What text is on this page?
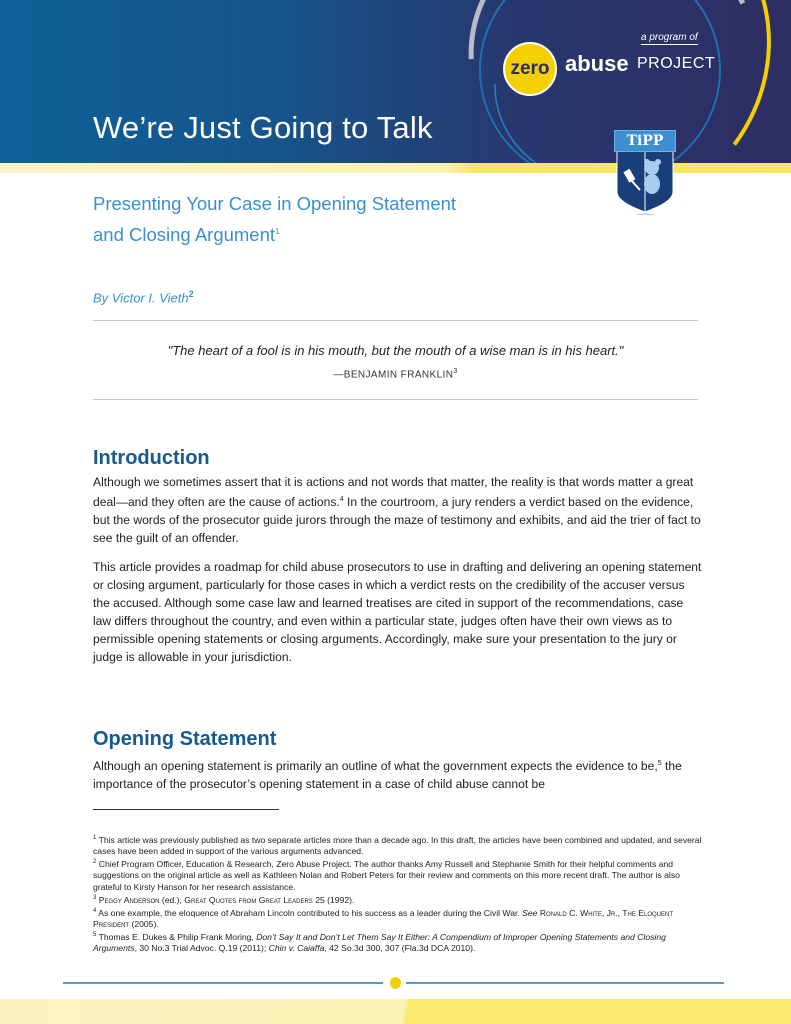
We’re Just Going to Talk
a program of
zero abuse PROJECT
TiPP
Presenting Your Case in Opening Statement
and Closing Argument$^1$
By Victor I. Vieth$^2$
"The heart of a fool is in his mouth, but the mouth of a wise man is in his heart."
—BENJAMIN FRANKLIN$^3$
Introduction

Although we sometimes assert that it is actions and not words that matter, the reality is that words matter a great deal—and they often are the cause of actions.$^4$ In the courtroom, a jury renders a verdict based on the evidence, but the words of the prosecutor guide jurors through the maze of testimony and exhibits, and aid the trier of fact to see the guilt of an offender.

This article provides a roadmap for child abuse prosecutors to use in drafting and delivering an opening statement or closing argument, particularly for those cases in which a verdict rests on the credibility of the accuser versus the accused. Although some case law and learned treatises are cited in support of the recommendations, case law differs throughout the country, and even within a particular state, judges often have their own views as to permissible opening statements or closing arguments. Accordingly, make sure your presentation to the jury or judge is allowable in your jurisdiction.

Opening Statement

Although an opening statement is primarily an outline of what the government expects the evidence to be,$^5$ the importance of the prosecutor’s opening statement in a case of child abuse cannot be

$^1$ This article was previously published as two separate articles more than a decade ago. In this draft, the articles have been combined and updated, and several cases have been added in support of the various arguments advanced.
$^2$ Chief Program Officer, Education & Research, Zero Abuse Project. The author thanks Amy Russell and Stephanie Smith for their helpful comments and suggestions on the original article as well as Kathleen Nolan and Robert Peters for their review and comments on this more recent draft. The author is also grateful to Kirsty Hanson for her research assistance.
$^3$ Peggy Anderson (ed.), Great Quotes from Great Leaders 25 (1992).
$^4$ As one example, the eloquence of Abraham Lincoln contributed to his success as a leader during the Civil War. See Ronald C. White, Jr., The Eloquent President (2005).
$^5$ Thomas E. Dukes & Philip Frank Moring, Don’t Say It and Don’t Let Them Say It Either: A Compendium of Improper Opening Statements and Closing Arguments, 30 No.3 Trial Advoc. Q.19 (2011); Chin v. Caiaffa, 42 So.3d 300, 307 (Fla.3d DCA 2010).
